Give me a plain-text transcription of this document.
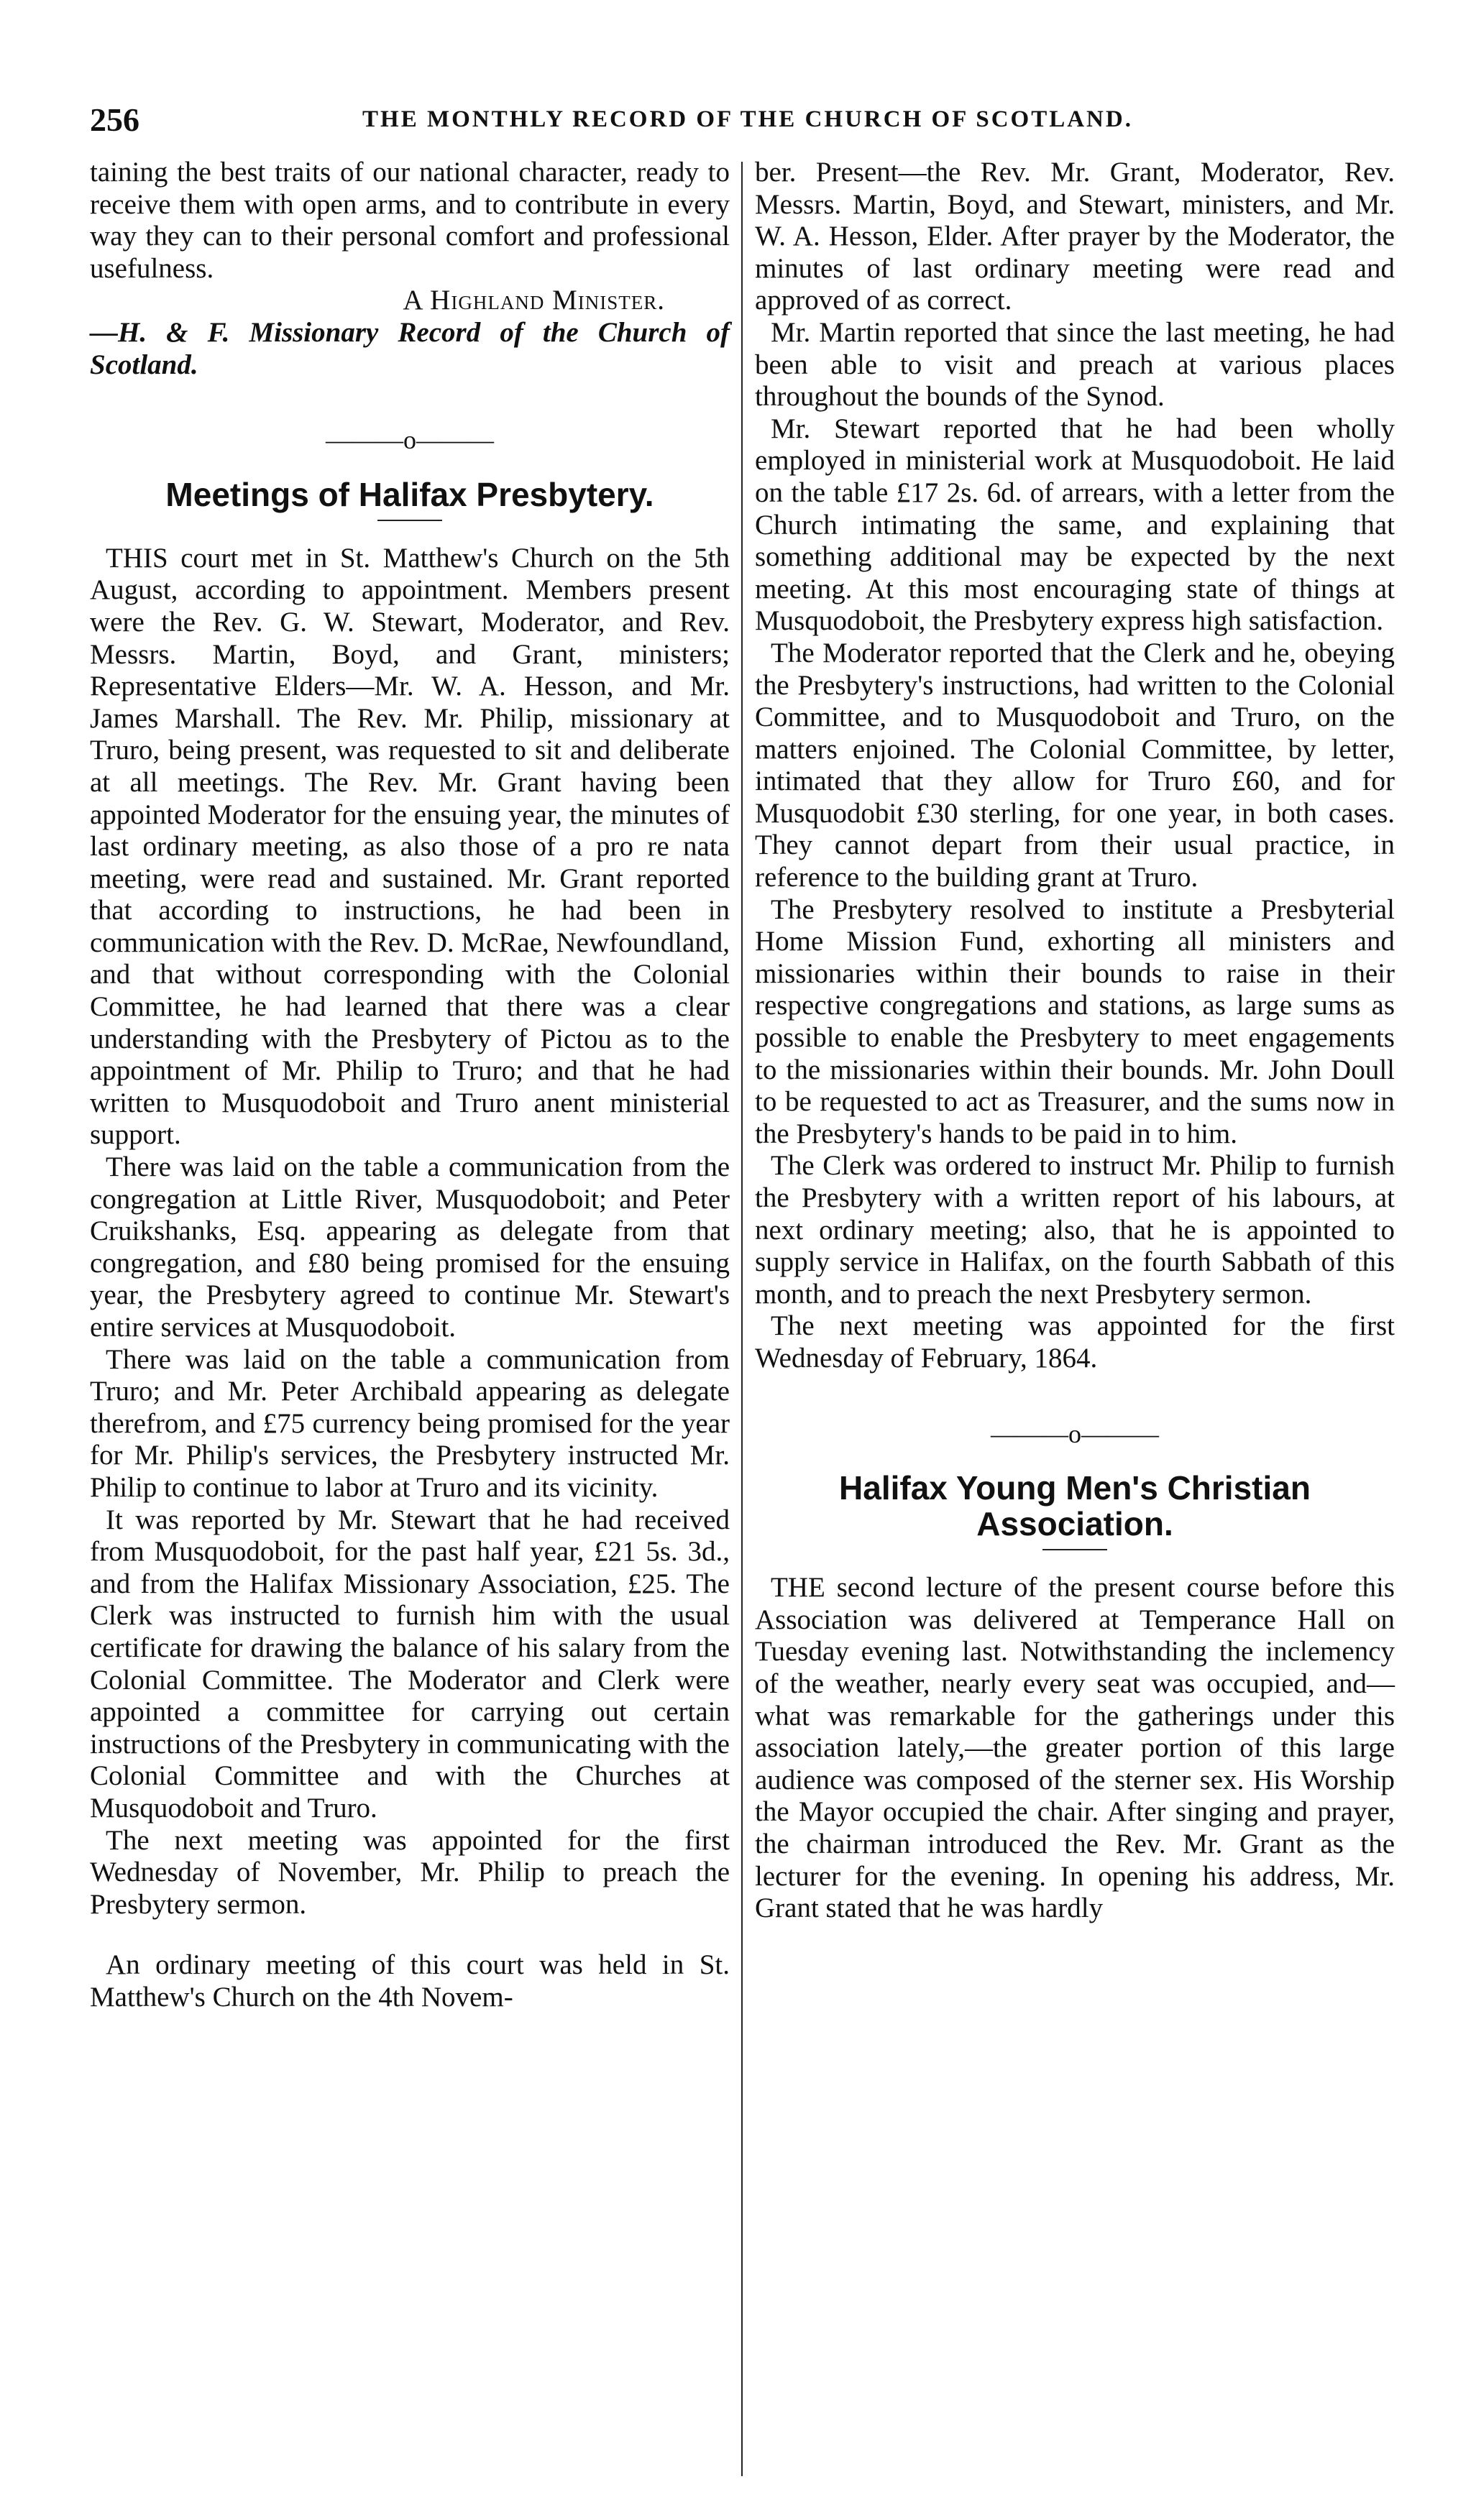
256	THE MONTHLY RECORD OF THE CHURCH OF SCOTLAND.

taining the best traits of our national character, ready to receive them with open arms, and to contribute in every way they can to their personal comfort and professional usefulness.

A Highland Minister.

—H. & F. Missionary Record of the Church of Scotland.

———o———
Meetings of Halifax Presbytery.

THIS court met in St. Matthew's Church on the 5th August, according to appointment. Members present were the Rev. G. W. Stewart, Moderator, and Rev. Messrs. Martin, Boyd, and Grant, ministers; Representative Elders—Mr. W. A. Hesson, and Mr. James Marshall. The Rev. Mr. Philip, missionary at Truro, being present, was requested to sit and deliberate at all meetings. The Rev. Mr. Grant having been appointed Moderator for the ensuing year, the minutes of last ordinary meeting, as also those of a pro re nata meeting, were read and sustained. Mr. Grant reported that according to instructions, he had been in communication with the Rev. D. McRae, Newfoundland, and that without corresponding with the Colonial Committee, he had learned that there was a clear understanding with the Presbytery of Pictou as to the appointment of Mr. Philip to Truro; and that he had written to Musquodoboit and Truro anent ministerial support.

There was laid on the table a communication from the congregation at Little River, Musquodoboit; and Peter Cruikshanks, Esq. appearing as delegate from that congregation, and £80 being promised for the ensuing year, the Presbytery agreed to continue Mr. Stewart's entire services at Musquodoboit.

There was laid on the table a communication from Truro; and Mr. Peter Archibald appearing as delegate therefrom, and £75 currency being promised for the year for Mr. Philip's services, the Presbytery instructed Mr. Philip to continue to labor at Truro and its vicinity.

It was reported by Mr. Stewart that he had received from Musquodoboit, for the past half year, £21 5s. 3d., and from the Halifax Missionary Association, £25. The Clerk was instructed to furnish him with the usual certificate for drawing the balance of his salary from the Colonial Committee. The Moderator and Clerk were appointed a committee for carrying out certain instructions of the Presbytery in communicating with the Colonial Committee and with the Churches at Musquodoboit and Truro.

The next meeting was appointed for the first Wednesday of November, Mr. Philip to preach the Presbytery sermon.

An ordinary meeting of this court was held in St. Matthew's Church on the 4th Novem-

ber. Present—the Rev. Mr. Grant, Moderator, Rev. Messrs. Martin, Boyd, and Stewart, ministers, and Mr. W. A. Hesson, Elder. After prayer by the Moderator, the minutes of last ordinary meeting were read and approved of as correct.

Mr. Martin reported that since the last meeting, he had been able to visit and preach at various places throughout the bounds of the Synod.

Mr. Stewart reported that he had been wholly employed in ministerial work at Musquodoboit. He laid on the table £17 2s. 6d. of arrears, with a letter from the Church intimating the same, and explaining that something additional may be expected by the next meeting. At this most encouraging state of things at Musquodoboit, the Presbytery express high satisfaction.

The Moderator reported that the Clerk and he, obeying the Presbytery's instructions, had written to the Colonial Committee, and to Musquodoboit and Truro, on the matters enjoined. The Colonial Committee, by letter, intimated that they allow for Truro £60, and for Musquodobit £30 sterling, for one year, in both cases. They cannot depart from their usual practice, in reference to the building grant at Truro.

The Presbytery resolved to institute a Presbyterial Home Mission Fund, exhorting all ministers and missionaries within their bounds to raise in their respective congregations and stations, as large sums as possible to enable the Presbytery to meet engagements to the missionaries within their bounds. Mr. John Doull to be requested to act as Treasurer, and the sums now in the Presbytery's hands to be paid in to him.

The Clerk was ordered to instruct Mr. Philip to furnish the Presbytery with a written report of his labours, at next ordinary meeting; also, that he is appointed to supply service in Halifax, on the fourth Sabbath of this month, and to preach the next Presbytery sermon.

The next meeting was appointed for the first Wednesday of February, 1864.

———o———
Halifax Young Men's Christian Association.

THE second lecture of the present course before this Association was delivered at Temperance Hall on Tuesday evening last. Notwithstanding the inclemency of the weather, nearly every seat was occupied, and—what was remarkable for the gatherings under this association lately,—the greater portion of this large audience was composed of the sterner sex. His Worship the Mayor occupied the chair. After singing and prayer, the chairman introduced the Rev. Mr. Grant as the lecturer for the evening. In opening his address, Mr. Grant stated that he was hardly
